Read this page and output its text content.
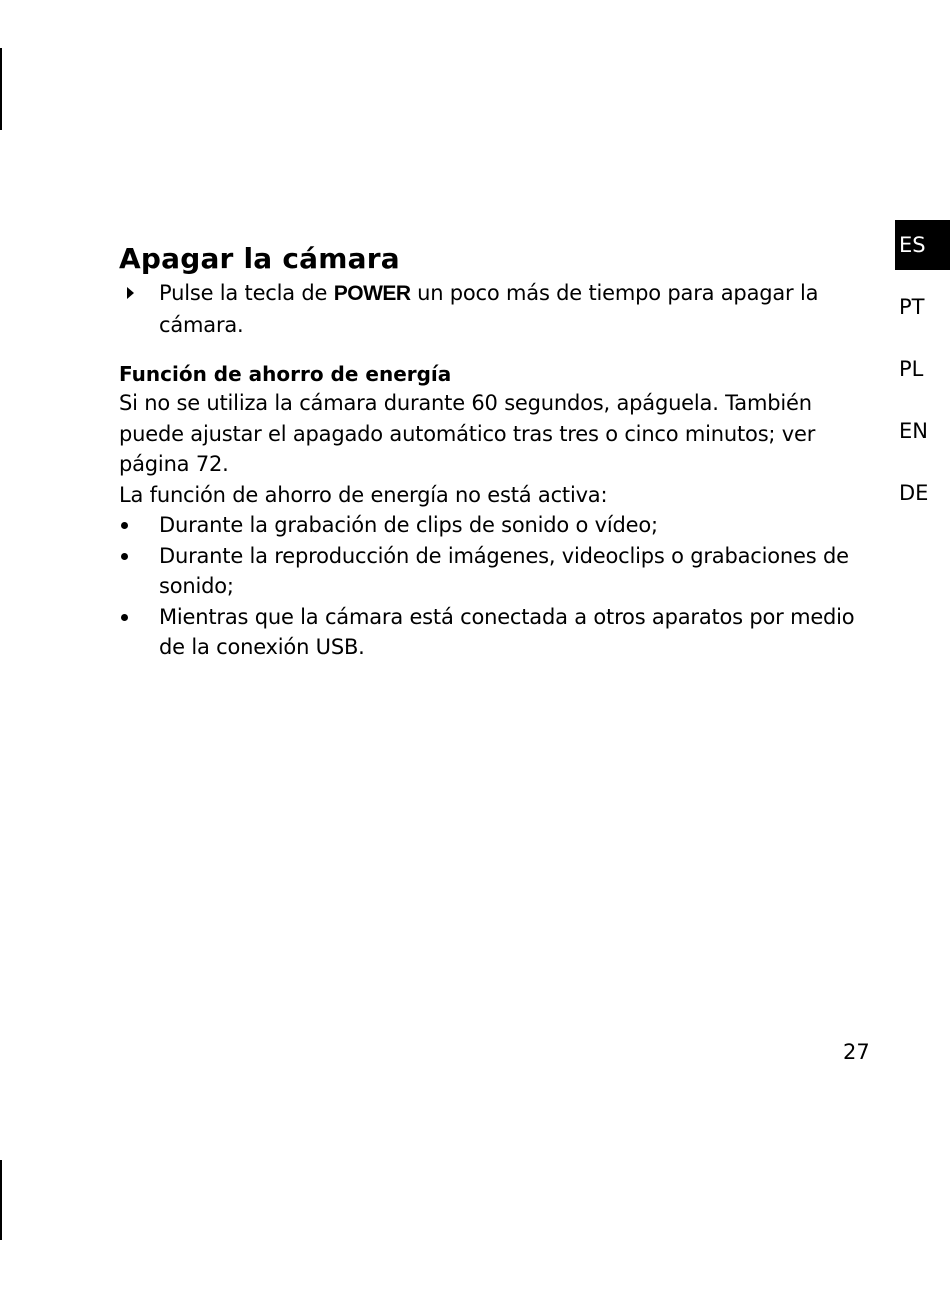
Apagar la cámara
Pulse la tecla de POWER un poco más de tiempo para apagar la cámara.
Función de ahorro de energía

Si no se utiliza la cámara durante 60 segundos, apáguela. También puede ajustar el apagado automático tras tres o cinco minutos; ver página 72.

La función de ahorro de energía no está activa:

Durante la grabación de clips de sonido o vídeo;
Durante la reproducción de imágenes, videoclips o grabaciones de sonido;
Mientras que la cámara está conectada a otros aparatos por medio de la conexión USB.
ES
PT
PL
EN
DE
27
